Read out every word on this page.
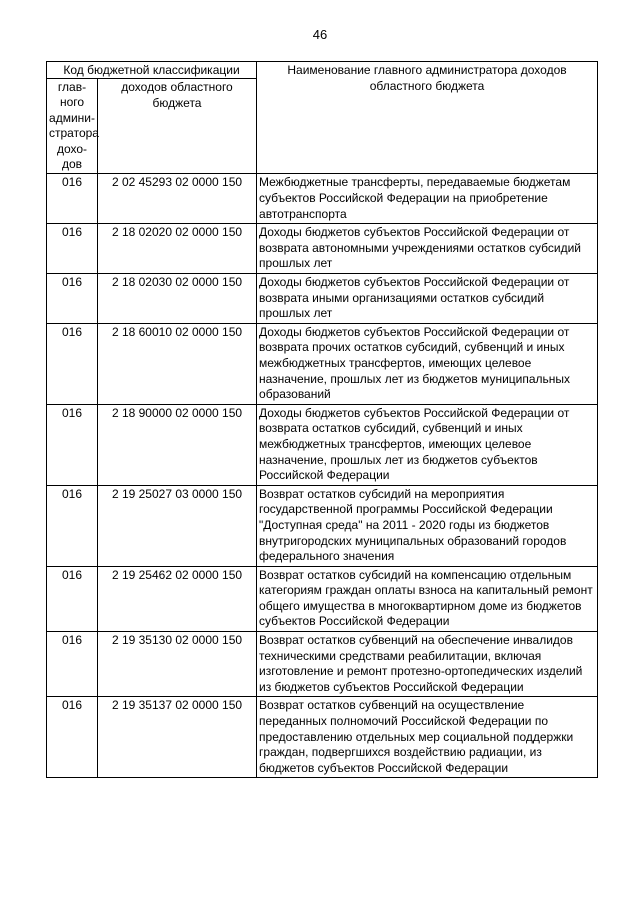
46
Код бюджетной классификации		Наименование главного администратора доходов областного бюджета
глав-ного админи-стратора дохо-дов	доходов областного бюджета	
016	2 02 45293 02 0000 150	Межбюджетные трансферты, передаваемые бюджетам субъектов Российской Федерации на приобретение автотранспорта
016	2 18 02020 02 0000 150	Доходы бюджетов субъектов Российской Федерации от возврата автономными учреждениями остатков субсидий прошлых лет
016	2 18 02030 02 0000 150	Доходы бюджетов субъектов Российской Федерации от возврата иными организациями остатков субсидий прошлых лет
016	2 18 60010 02 0000 150	Доходы бюджетов субъектов Российской Федерации от возврата прочих остатков субсидий, субвенций и иных межбюджетных трансфертов, имеющих целевое назначение, прошлых лет из бюджетов муниципальных образований
016	2 18 90000 02 0000 150	Доходы бюджетов субъектов Российской Федерации от возврата остатков субсидий, субвенций и иных межбюджетных трансфертов, имеющих целевое назначение, прошлых лет из бюджетов субъектов Российской Федерации
016	2 19 25027 03 0000 150	Возврат остатков субсидий на мероприятия государственной программы Российской Федерации "Доступная среда" на 2011 - 2020 годы из бюджетов внутригородских муниципальных образований городов федерального значения
016	2 19 25462 02 0000 150	Возврат остатков субсидий на компенсацию отдельным категориям граждан оплаты взноса на капитальный ремонт общего имущества в многоквартирном доме из бюджетов субъектов Российской Федерации
016	2 19 35130 02 0000 150	Возврат остатков субвенций на обеспечение инвалидов техническими средствами реабилитации, включая изготовление и ремонт протезно-ортопедических изделий из бюджетов субъектов Российской Федерации
016	2 19 35137 02 0000 150	Возврат остатков субвенций на осуществление переданных полномочий Российской Федерации по предоставлению отдельных мер социальной поддержки граждан, подвергшихся воздействию радиации, из бюджетов субъектов Российской Федерации
